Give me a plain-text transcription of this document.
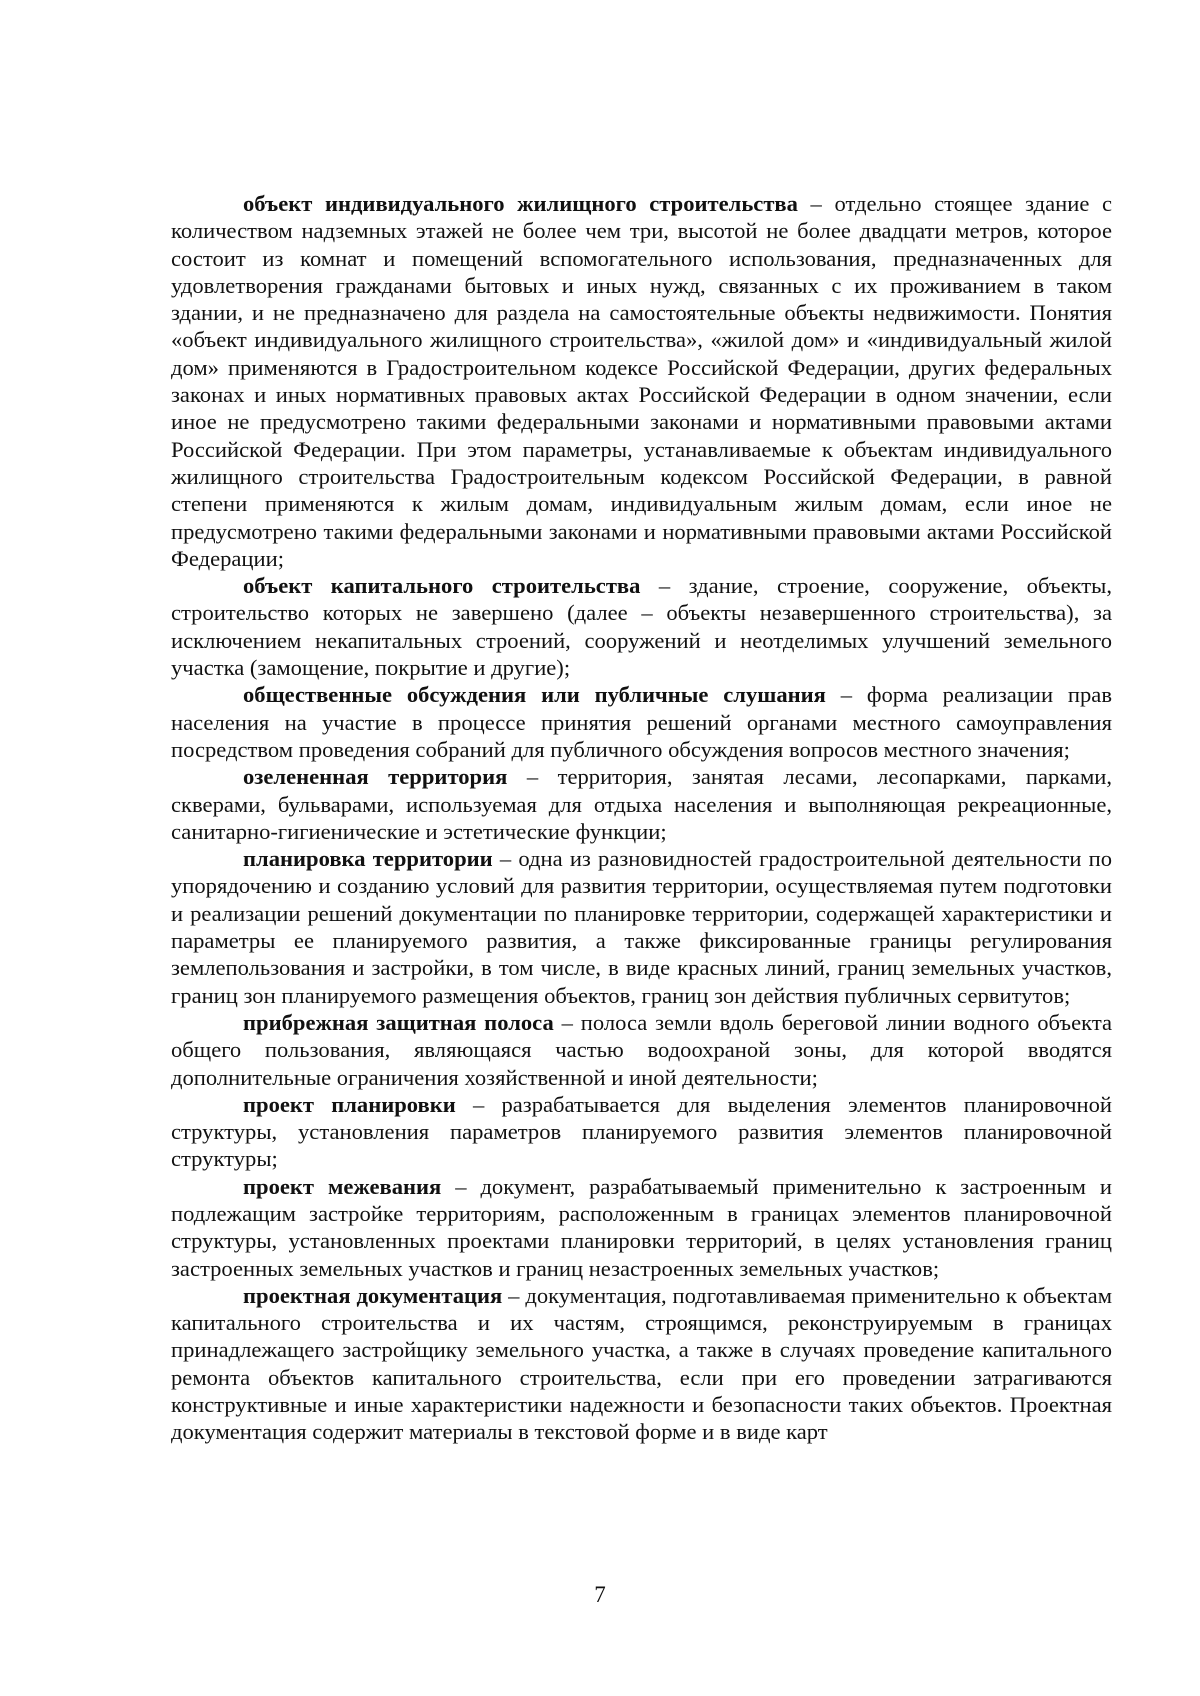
объект индивидуального жилищного строительства – отдельно стоящее здание с количеством надземных этажей не более чем три, высотой не более двадцати метров, которое состоит из комнат и помещений вспомогательного использования, предназначенных для удовлетворения гражданами бытовых и иных нужд, связанных с их проживанием в таком здании, и не предназначено для раздела на самостоятельные объекты недвижимости. Понятия «объект индивидуального жилищного строительства», «жилой дом» и «индивидуальный жилой дом» применяются в Градостроительном кодексе Российской Федерации, других федеральных законах и иных нормативных правовых актах Российской Федерации в одном значении, если иное не предусмотрено такими федеральными законами и нормативными правовыми актами Российской Федерации. При этом параметры, устанавливаемые к объектам индивидуального жилищного строительства Градостроительным кодексом Российской Федерации, в равной степени применяются к жилым домам, индивидуальным жилым домам, если иное не предусмотрено такими федеральными законами и нормативными правовыми актами Российской Федерации;

объект капитального строительства – здание, строение, сооружение, объекты, строительство которых не завершено (далее – объекты незавершенного строительства), за исключением некапитальных строений, сооружений и неотделимых улучшений земельного участка (замощение, покрытие и другие);

общественные обсуждения или публичные слушания – форма реализации прав населения на участие в процессе принятия решений органами местного самоуправления посредством проведения собраний для публичного обсуждения вопросов местного значения;

озелененная территория – территория, занятая лесами, лесопарками, парками, скверами, бульварами, используемая для отдыха населения и выполняющая рекреационные, санитарно-гигиенические и эстетические функции;

планировка территории – одна из разновидностей градостроительной деятельности по упорядочению и созданию условий для развития территории, осуществляемая путем подготовки и реализации решений документации по планировке территории, содержащей характеристики и параметры ее планируемого развития, а также фиксированные границы регулирования землепользования и застройки, в том числе, в виде красных линий, границ земельных участков, границ зон планируемого размещения объектов, границ зон действия публичных сервитутов;

прибрежная защитная полоса – полоса земли вдоль береговой линии водного объекта общего пользования, являющаяся частью водоохраной зоны, для которой вводятся дополнительные ограничения хозяйственной и иной деятельности;

проект планировки – разрабатывается для выделения элементов планировочной структуры, установления параметров планируемого развития элементов планировочной структуры;

проект межевания – документ, разрабатываемый применительно к застроенным и подлежащим застройке территориям, расположенным в границах элементов планировочной структуры, установленных проектами планировки территорий, в целях установления границ застроенных земельных участков и границ незастроенных земельных участков;

проектная документация – документация, подготавливаемая применительно к объектам капитального строительства и их частям, строящимся, реконструируемым в границах принадлежащего застройщику земельного участка, а также в случаях проведение капитального ремонта объектов капитального строительства, если при его проведении затрагиваются конструктивные и иные характеристики надежности и безопасности таких объектов. Проектная документация содержит материалы в текстовой форме и в виде карт

7
